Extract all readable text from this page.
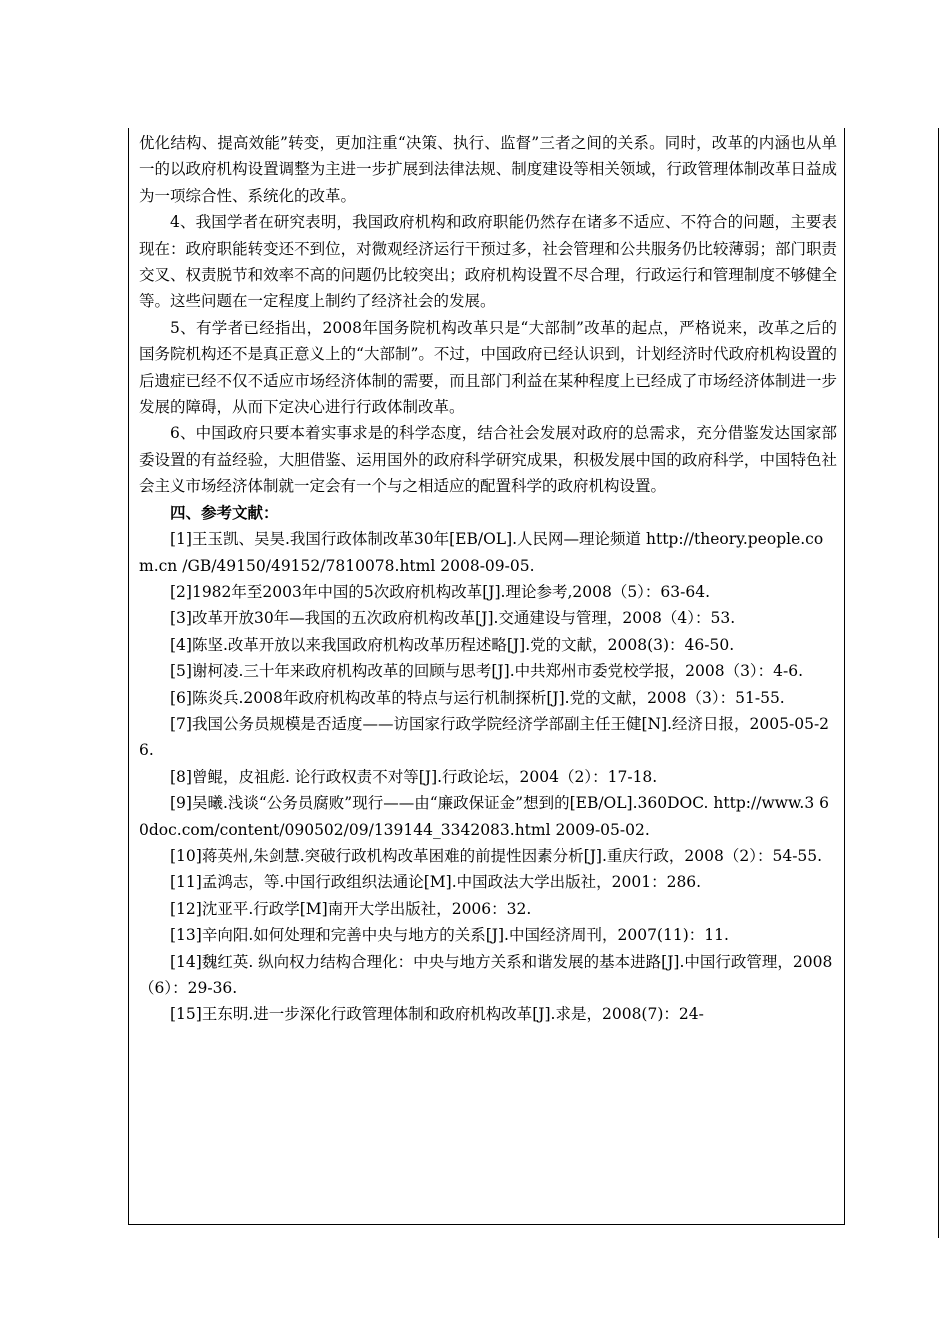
优化结构、提高效能”转变，更加注重“决策、执行、监督”三者之间的关系。同时，改革的内涵也从单一的以政府机构设置调整为主进一步扩展到法律法规、制度建设等相关领域，行政管理体制改革日益成为一项综合性、系统化的改革。

4、我国学者在研究表明，我国政府机构和政府职能仍然存在诸多不适应、不符合的问题，主要表现在：政府职能转变还不到位，对微观经济运行干预过多，社会管理和公共服务仍比较薄弱；部门职责交叉、权责脱节和效率不高的问题仍比较突出；政府机构设置不尽合理，行政运行和管理制度不够健全等。这些问题在一定程度上制约了经济社会的发展。

5、有学者已经指出，2008年国务院机构改革只是“大部制”改革的起点，严格说来，改革之后的国务院机构还不是真正意义上的“大部制”。不过，中国政府已经认识到，计划经济时代政府机构设置的后遗症已经不仅不适应市场经济体制的需要，而且部门利益在某种程度上已经成了市场经济体制进一步发展的障碍，从而下定决心进行行政体制改革。

6、中国政府只要本着实事求是的科学态度，结合社会发展对政府的总需求，充分借鉴发达国家部委设置的有益经验，大胆借鉴、运用国外的政府科学研究成果，积极发展中国的政府科学，中国特色社会主义市场经济体制就一定会有一个与之相适应的配置科学的政府机构设置。

四、参考文献：

[1]王玉凯、吴昊.我国行政体制改革30年[EB/OL].人民网—理论频道 http://theory.people.com.cn /GB/49150/49152/7810078.html 2008-09-05.

[2]1982年至2003年中国的5次政府机构改革[J].理论参考,2008（5）：63-64.

[3]改革开放30年—我国的五次政府机构改革[J].交通建设与管理，2008（4）：53.

[4]陈坚.改革开放以来我国政府机构改革历程述略[J].党的文献，2008(3)：46-50.

[5]谢柯凌.三十年来政府机构改革的回顾与思考[J].中共郑州市委党校学报，2008（3）：4-6.

[6]陈炎兵.2008年政府机构改革的特点与运行机制探析[J].党的文献，2008（3）：51-55.

[7]我国公务员规模是否适度——访国家行政学院经济学部副主任王健[N].经济日报，2005-05-26.

[8]曾鲲，皮祖彪. 论行政权责不对等[J].行政论坛，2004（2）：17-18.

[9]吴曦.浅谈“公务员腐败”现行——由“廉政保证金”想到的[EB/OL].360DOC. http://www.3 60doc.com/content/090502/09/139144_3342083.html 2009-05-02.

[10]蒋英州,朱剑慧.突破行政机构改革困难的前提性因素分析[J].重庆行政，2008（2）：54-55.

[11]孟鸿志，等.中国行政组织法通论[M].中国政法大学出版社，2001：286.

[12]沈亚平.行政学[M]南开大学出版社，2006：32.

[13]辛向阳.如何处理和完善中央与地方的关系[J].中国经济周刊，2007(11)：11.

[14]魏红英. 纵向权力结构合理化：中央与地方关系和谐发展的基本进路[J].中国行政管理，2008（6）：29-36.

[15]王东明.进一步深化行政管理体制和政府机构改革[J].求是，2008(7)：24-
